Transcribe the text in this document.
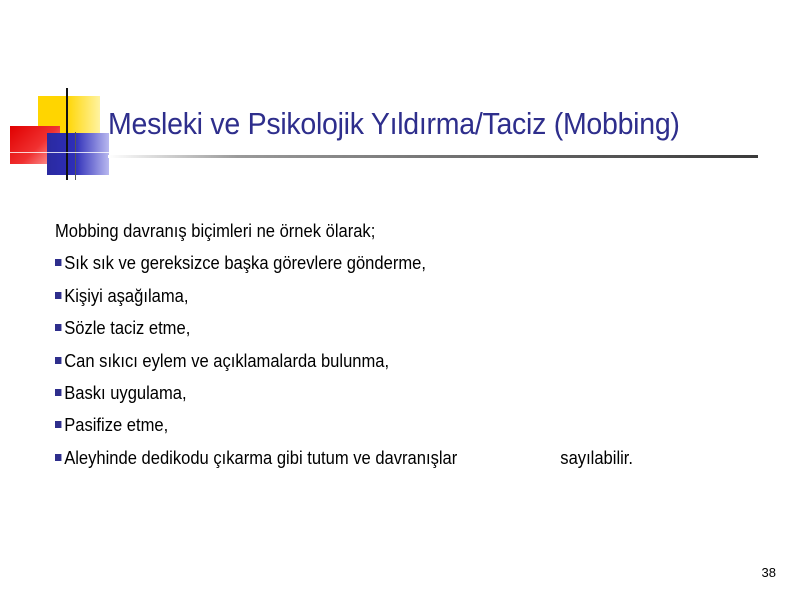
Mesleki ve Psikolojik Yıldırma/Taciz (Mobbing)
Mobbing davranış biçimleri ne örnek ölarak;
Sık sık ve gereksizce başka görevlere gönderme,
Kişiyi aşağılama,
Sözle taciz etme,
Can sıkıcı eylem ve açıklamalarda bulunma,
Baskı uygulama,
Pasifize etme,
Aleyhinde dedikodu çıkarma gibi tutum ve davranışlar	sayılabilir.
38
